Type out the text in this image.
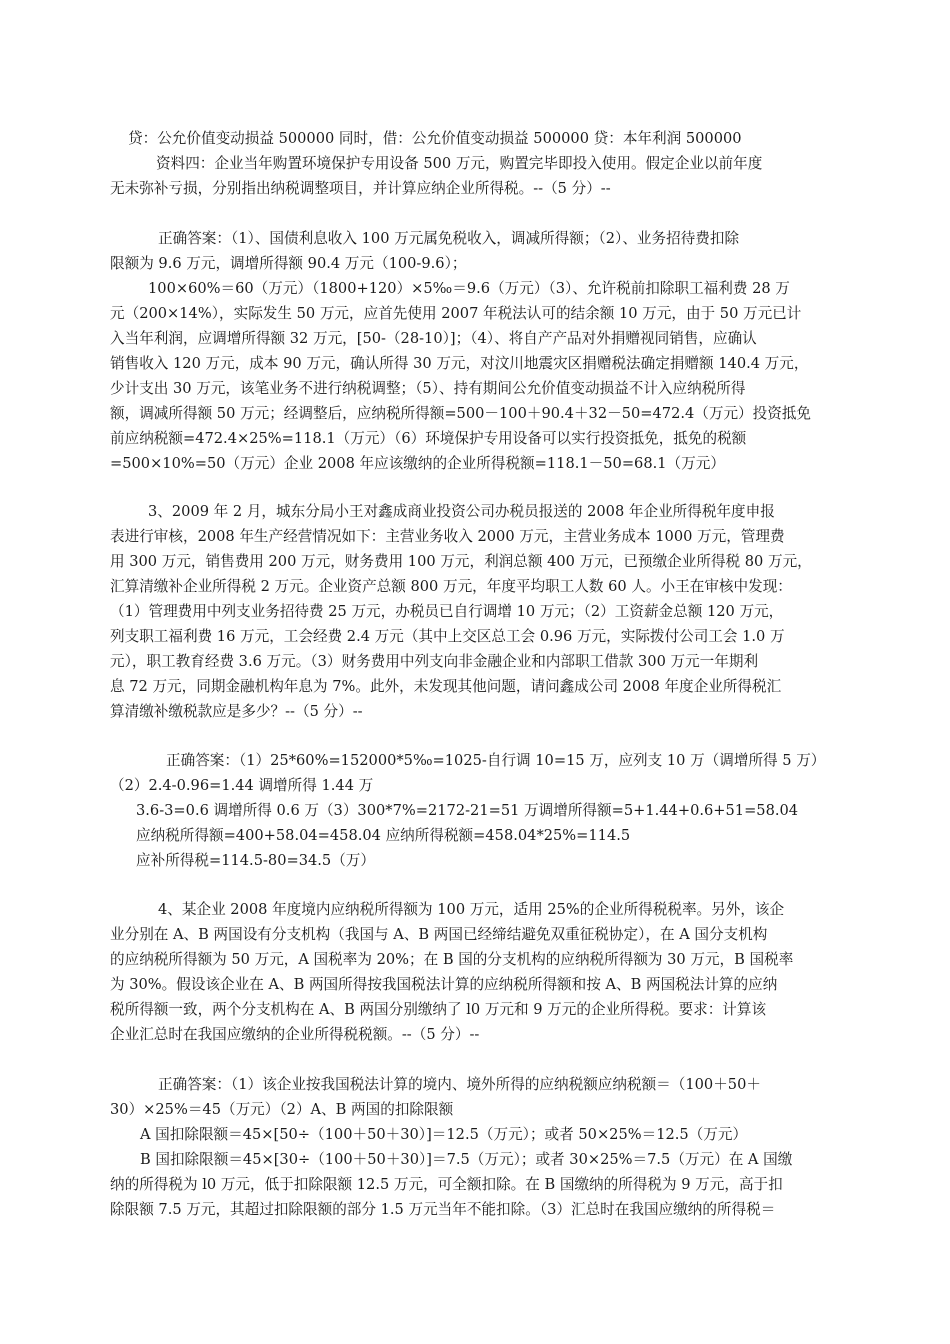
贷：公允价值变动损益 500000 同时，借：公允价值变动损益 500000 贷：本年利润 500000
资料四：企业当年购置环境保护专用设备 500 万元，购置完毕即投入使用。假定企业以前年度
无未弥补亏损，分别指出纳税调整项目，并计算应纳企业所得税。--（5 分）--
正确答案：（1）、国债利息收入 100 万元属免税收入，调减所得额；（2）、业务招待费扣除
限额为 9.6 万元，调增所得额 90.4 万元（100-9.6）；
100×60%＝60（万元）（1800+120）×5‰＝9.6（万元）（3）、允许税前扣除职工福利费 28 万
元（200×14%），实际发生 50 万元，应首先使用 2007 年税法认可的结余额 10 万元，由于 50 万元已计
入当年利润，应调增所得额 32 万元，[50-（28-10）]；（4）、将自产产品对外捐赠视同销售，应确认
销售收入 120 万元，成本 90 万元，确认所得 30 万元，对汶川地震灾区捐赠税法确定捐赠额 140.4 万元，
少计支出 30 万元，该笔业务不进行纳税调整；（5）、持有期间公允价值变动损益不计入应纳税所得
额，调减所得额 50 万元；经调整后，应纳税所得额=500－100＋90.4＋32－50=472.4（万元）投资抵免
前应纳税额=472.4×25%=118.1（万元）（6）环境保护专用设备可以实行投资抵免，抵免的税额
=500×10%=50（万元）企业 2008 年应该缴纳的企业所得税额=118.1－50=68.1（万元）
3、2009 年 2 月，城东分局小王对鑫成商业投资公司办税员报送的 2008 年企业所得税年度申报
表进行审核，2008 年生产经营情况如下：主营业务收入 2000 万元，主营业务成本 1000 万元，管理费
用 300 万元，销售费用 200 万元，财务费用 100 万元，利润总额 400 万元，已预缴企业所得税 80 万元，
汇算清缴补企业所得税 2 万元。企业资产总额 800 万元，年度平均职工人数 60 人。小王在审核中发现：
（1）管理费用中列支业务招待费 25 万元，办税员已自行调增 10 万元；（2）工资薪金总额 120 万元，
列支职工福利费 16 万元，工会经费 2.4 万元（其中上交区总工会 0.96 万元，实际拨付公司工会 1.0 万
元），职工教育经费 3.6 万元。（3）财务费用中列支向非金融企业和内部职工借款 300 万元一年期利
息 72 万元，同期金融机构年息为 7%。此外，未发现其他问题，请问鑫成公司 2008 年度企业所得税汇
算清缴补缴税款应是多少？--（5 分）--
正确答案：（1）25*60%=152000*5‰=1025-自行调 10=15 万，应列支 10 万（调增所得 5 万）
（2）2.4-0.96=1.44 调增所得 1.44 万
3.6-3=0.6 调增所得 0.6 万（3）300*7%=2172-21=51 万调增所得额=5+1.44+0.6+51=58.04
应纳税所得额=400+58.04=458.04 应纳所得税额=458.04*25%=114.5
应补所得税=114.5-80=34.5（万）
4、某企业 2008 年度境内应纳税所得额为 100 万元，适用 25%的企业所得税税率。另外，该企
业分别在 A、B 两国设有分支机构（我国与 A、B 两国已经缔结避免双重征税协定），在 A 国分支机构
的应纳税所得额为 50 万元，A 国税率为 20%；在 B 国的分支机构的应纳税所得额为 30 万元，B 国税率
为 30%。假设该企业在 A、B 两国所得按我国税法计算的应纳税所得额和按 A、B 两国税法计算的应纳
税所得额一致，两个分支机构在 A、B 两国分别缴纳了 l0 万元和 9 万元的企业所得税。要求：计算该
企业汇总时在我国应缴纳的企业所得税税额。--（5 分）--
正确答案：（1）该企业按我国税法计算的境内、境外所得的应纳税额应纳税额＝（100＋50＋
30）×25%＝45（万元）（2）A、B 两国的扣除限额
A 国扣除限额＝45×[50÷（100＋50＋30）]＝12.5（万元）；或者 50×25%＝12.5（万元）
B 国扣除限额＝45×[30÷（100＋50＋30）]＝7.5（万元）；或者 30×25%＝7.5（万元）在 A 国缴
纳的所得税为 l0 万元，低于扣除限额 12.5 万元，可全额扣除。在 B 国缴纳的所得税为 9 万元，高于扣
除限额 7.5 万元，其超过扣除限额的部分 1.5 万元当年不能扣除。（3）汇总时在我国应缴纳的所得税＝
